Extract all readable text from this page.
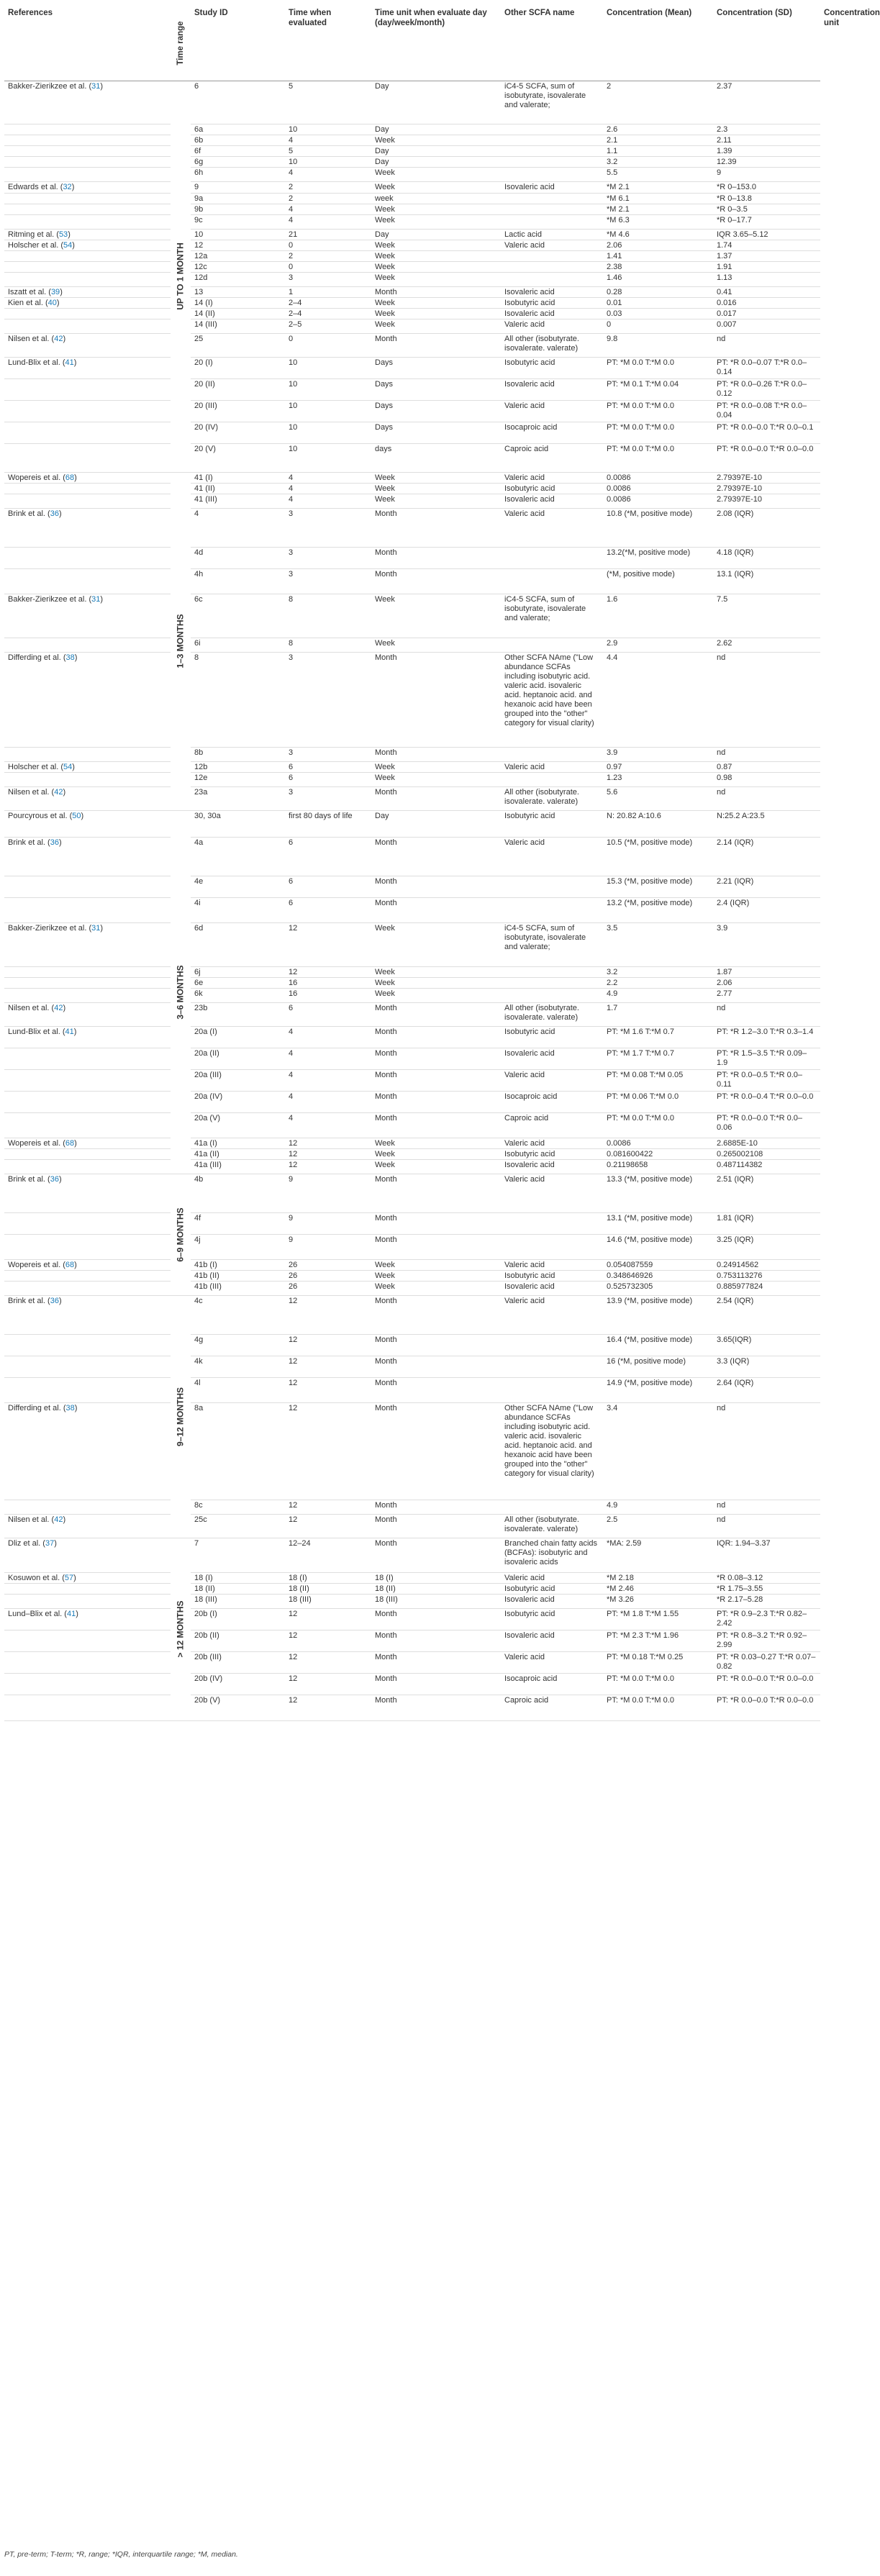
References	Time range	Study ID	Time when evaluated	Time unit when evaluate day (day/week/month)	Other SCFA name	Concentration (Mean)	Concentration (SD)	Concentration unit
Bakker-Zierikzee et al. (31)	UP TO 1 MONTH	6	5	Day	iC4-5 SCFA, sum of isobutyrate, isovalerate and valerate;	2	2.37	
		6a	10	Day		2.6	2.3	
		6b	4	Week		2.1	2.11	
		6f	5	Day		1.1	1.39	
		6g	10	Day		3.2	12.39	
		6h	4	Week		5.5	9	
Edwards et al. (32)		9	2	Week	Isovaleric acid	*M 2.1	*R 0–153.0	
		9a	2	week		*M 6.1	*R 0–13.8	
		9b	4	Week		*M 2.1	*R 0–3.5	
		9c	4	Week		*M 6.3	*R 0–17.7	
Ritming et al. (53)		10	21	Day	Lactic acid	*M 4.6	IQR 3.65–5.12	
Holscher et al. (54)		12	0	Week	Valeric acid	2.06	1.74	
		12a	2	Week		1.41	1.37	
		12c	0	Week		2.38	1.91	
		12d	3	Week		1.46	1.13	
Iszatt et al. (39)		13	1	Month	Isovaleric acid	0.28	0.41	
Kien et al. (40)		14 (I)	2–4	Week	Isobutyric acid	0.01	0.016	
		14 (II)	2–4	Week	Isovaleric acid	0.03	0.017	
		14 (III)	2–5	Week	Valeric acid	0	0.007	
Nilsen et al. (42)		25	0	Month	All other (isobutyrate. isovalerate. valerate)	9.8	nd	
Lund-Blix et al. (41)		20 (I)	10	Days	Isobutyric acid	PT: *M 0.0 T:*M 0.0	PT: *R 0.0–0.07 T:*R 0.0–0.14	
		20 (II)	10	Days	Isovaleric acid	PT: *M 0.1 T:*M 0.04	PT: *R 0.0–0.26 T:*R 0.0–0.12	
		20 (III)	10	Days	Valeric acid	PT: *M 0.0 T:*M 0.0	PT: *R 0.0–0.08 T:*R 0.0–0.04	
		20 (IV)	10	Days	Isocaproic acid	PT: *M 0.0 T:*M 0.0	PT: *R 0.0–0.0 T:*R 0.0–0.1	
		20 (V)	10	days	Caproic acid	PT: *M 0.0 T:*M 0.0	PT: *R 0.0–0.0 T:*R 0.0–0.0	
Wopereis et al. (68)	1–3 MONTHS	41 (I)	4	Week	Valeric acid	0.0086	2.79397E-10	
		41 (II)	4	Week	Isobutyric acid	0.0086	2.79397E-10	
		41 (III)	4	Week	Isovaleric acid	0.0086	2.79397E-10	
Brink et al. (36)		4	3	Month	Valeric acid	10.8 (*M, positive mode)	2.08 (IQR)	
		4d	3	Month		13.2(*M, positive mode)	4.18 (IQR)	
		4h	3	Month		(*M, positive mode)	13.1 (IQR)	
Bakker-Zierikzee et al. (31)		6c	8	Week	iC4-5 SCFA, sum of isobutyrate, isovalerate and valerate;	1.6	7.5	
		6i	8	Week		2.9	2.62	
Differding et al. (38)		8	3	Month	Other SCFA NAme ("Low abundance SCFAs including isobutyric acid. valeric acid. isovaleric acid. heptanoic acid. and hexanoic acid have been grouped into the "other" category for visual clarity)	4.4	nd	
		8b	3	Month		3.9	nd	
Holscher et al. (54)		12b	6	Week	Valeric acid	0.97	0.87	
		12e	6	Week		1.23	0.98	
Nilsen et al. (42)		23a	3	Month	All other (isobutyrate. isovalerate. valerate)	5.6	nd	
Pourcyrous et al. (50)	3–6 MONTHS	30, 30a	first 80 days of life	Day	Isobutyric acid	N: 20.82 A:10.6	N:25.2 A:23.5	
Brink et al. (36)		4a	6	Month	Valeric acid	10.5 (*M, positive mode)	2.14 (IQR)	
		4e	6	Month		15.3 (*M, positive mode)	2.21 (IQR)	
		4i	6	Month		13.2 (*M, positive mode)	2.4 (IQR)	
Bakker-Zierikzee et al. (31)		6d	12	Week	iC4-5 SCFA, sum of isobutyrate, isovalerate and valerate;	3.5	3.9	
		6j	12	Week		3.2	1.87	
		6e	16	Week		2.2	2.06	
		6k	16	Week		4.9	2.77	
Nilsen et al. (42)		23b	6	Month	All other (isobutyrate. isovalerate. valerate)	1.7	nd	
Lund-Blix et al. (41)		20a (I)	4	Month	Isobutyric acid	PT: *M 1.6 T:*M 0.7	PT: *R 1.2–3.0 T:*R 0.3–1.4	
		20a (II)	4	Month	Isovaleric acid	PT: *M 1.7 T:*M 0.7	PT: *R 1.5–3.5 T:*R 0.09–1.9	
		20a (III)	4	Month	Valeric acid	PT: *M 0.08 T:*M 0.05	PT: *R 0.0–0.5 T:*R 0.0–0.11	
		20a (IV)	4	Month	Isocaproic acid	PT: *M 0.06 T:*M 0.0	PT: *R 0.0–0.4 T:*R 0.0–0.0	
		20a (V)	4	Month	Caproic acid	PT: *M 0.0 T:*M 0.0	PT: *R 0.0–0.0 T:*R 0.0–0.06	
Wopereis et al. (68)		41a (I)	12	Week	Valeric acid	0.0086	2.6885E-10	
		41a (II)	12	Week	Isobutyric acid	0.081600422	0.265002108	
		41a (III)	12	Week	Isovaleric acid	0.21198658	0.487114382	
Brink et al. (36)	6–9 MONTHS	4b	9	Month	Valeric acid	13.3 (*M, positive mode)	2.51 (IQR)	
		4f	9	Month		13.1 (*M, positive mode)	1.81 (IQR)	
		4j	9	Month		14.6 (*M, positive mode)	3.25 (IQR)	
Wopereis et al. (68)		41b (I)	26	Week	Valeric acid	0.054087559	0.24914562	
		41b (II)	26	Week	Isobutyric acid	0.348646926	0.753113276	
		41b (III)	26	Week	Isovaleric acid	0.525732305	0.885977824	
Brink et al. (36)	9–12 MONTHS	4c	12	Month	Valeric acid	13.9 (*M, positive mode)	2.54 (IQR)	
		4g	12	Month		16.4 (*M, positive mode)	3.65(IQR)	
		4k	12	Month		16 (*M, positive mode)	3.3 (IQR)	
		4l	12	Month		14.9 (*M, positive mode)	2.64 (IQR)	
Differding et al. (38)		8a	12	Month	Other SCFA NAme ("Low abundance SCFAs including isobutyric acid. valeric acid. isovaleric acid. heptanoic acid. and hexanoic acid have been grouped into the "other" category for visual clarity)	3.4	nd	
		8c	12	Month		4.9	nd	
Nilsen et al. (42)		25c	12	Month	All other (isobutyrate. isovalerate. valerate)	2.5	nd	
Dliz et al. (37)	> 12 MONTHS	7	12–24	Month	Branched chain fatty acids (BCFAs): isobutyric and isovaleric acids	*MA: 2.59	IQR: 1.94–3.37	
Kosuwon et al. (57)		18 (I)	18 (I)	18 (I)	Valeric acid	*M 2.18	*R 0.08–3.12	
		18 (II)	18 (II)	18 (II)	Isobutyric acid	*M 2.46	*R 1.75–3.55	
		18 (III)	18 (III)	18 (III)	Isovaleric acid	*M 3.26	*R 2.17–5.28	
Lund–Blix et al. (41)		20b (I)	12	Month	Isobutyric acid	PT: *M 1.8 T:*M 1.55	PT: *R 0.9–2.3 T:*R 0.82–2.42	
		20b (II)	12	Month	Isovaleric acid	PT: *M 2.3 T:*M 1.96	PT: *R 0.8–3.2 T:*R 0.92–2.99	
		20b (III)	12	Month	Valeric acid	PT: *M 0.18 T:*M 0.25	PT: *R 0.03–0.27 T:*R 0.07–0.82	
		20b (IV)	12	Month	Isocaproic acid	PT: *M 0.0 T:*M 0.0	PT: *R 0.0–0.0 T:*R 0.0–0.0	
		20b (V)	12	Month	Caproic acid	PT: *M 0.0 T:*M 0.0	PT: *R 0.0–0.0 T:*R 0.0–0.0	
PT, pre-term; T-term; *R, range; *IQR, interquartile range; *M, median.
